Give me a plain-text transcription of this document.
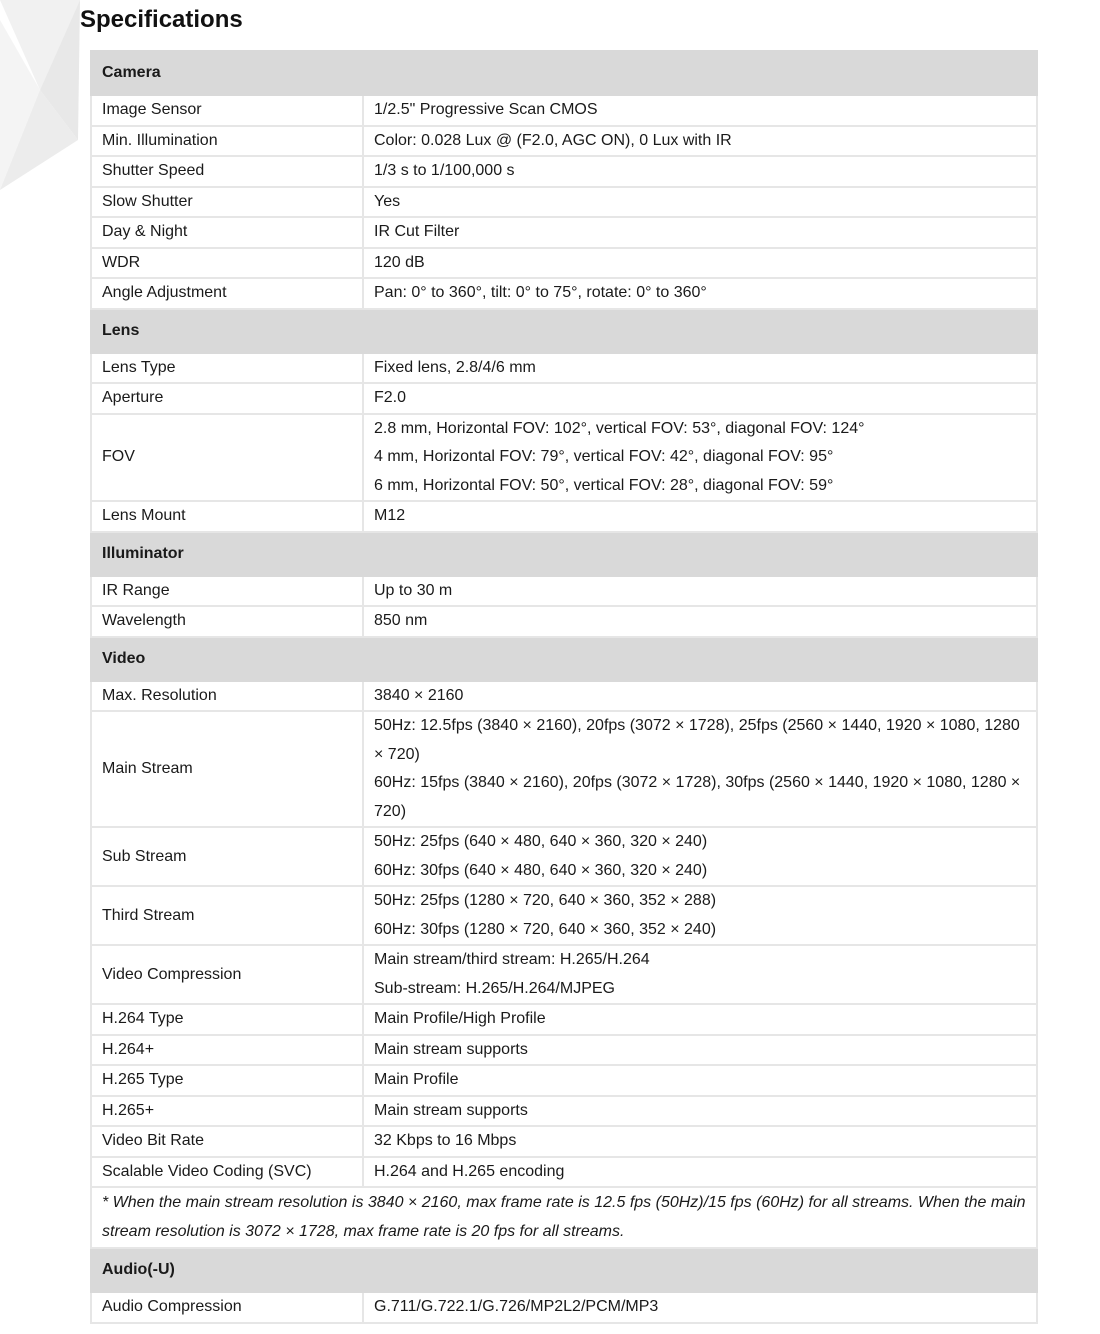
Specifications
Camera	
Image Sensor	1/2.5" Progressive Scan CMOS

Min. Illumination	Color: 0.028 Lux @ (F2.0, AGC ON), 0 Lux with IR

Shutter Speed	1/3 s to 1/100,000 s

Slow Shutter	Yes

Day & Night	IR Cut Filter

WDR	120 dB

Angle Adjustment	Pan: 0° to 360°, tilt: 0° to 75°, rotate: 0° to 360°

Lens	
Lens Type	Fixed lens, 2.8/4/6 mm

Aperture	F2.0

FOV	2.8 mm, Horizontal FOV: 102°, vertical FOV: 53°, diagonal FOV: 124°
4 mm, Horizontal FOV: 79°, vertical FOV: 42°, diagonal FOV: 95°
6 mm, Horizontal FOV: 50°, vertical FOV: 28°, diagonal FOV: 59°

Lens Mount	M12

Illuminator	
IR Range	Up to 30 m

Wavelength	850 nm

Video	
Max. Resolution	3840 × 2160

Main Stream	50Hz: 12.5fps (3840 × 2160), 20fps (3072 × 1728), 25fps (2560 × 1440, 1920 × 1080, 1280 × 720)
60Hz: 15fps (3840 × 2160), 20fps (3072 × 1728), 30fps (2560 × 1440, 1920 × 1080, 1280 × 720)

Sub Stream	50Hz: 25fps (640 × 480, 640 × 360, 320 × 240)
60Hz: 30fps (640 × 480, 640 × 360, 320 × 240)

Third Stream	50Hz: 25fps (1280 × 720, 640 × 360, 352 × 288)
60Hz: 30fps (1280 × 720, 640 × 360, 352 × 240)

Video Compression	Main stream/third stream: H.265/H.264
Sub-stream: H.265/H.264/MJPEG

H.264 Type	Main Profile/High Profile

H.264+	Main stream supports

H.265 Type	Main Profile

H.265+	Main stream supports

Video Bit Rate	32 Kbps to 16 Mbps

Scalable Video Coding (SVC)	H.264 and H.265 encoding

* When the main stream resolution is 3840 × 2160, max frame rate is 12.5 fps (50Hz)/15 fps (60Hz) for all streams. When the main stream resolution is 3072 × 1728, max frame rate is 20 fps for all streams.	
Audio(-U)	
Audio Compression	G.711/G.722.1/G.726/MP2L2/PCM/MP3
